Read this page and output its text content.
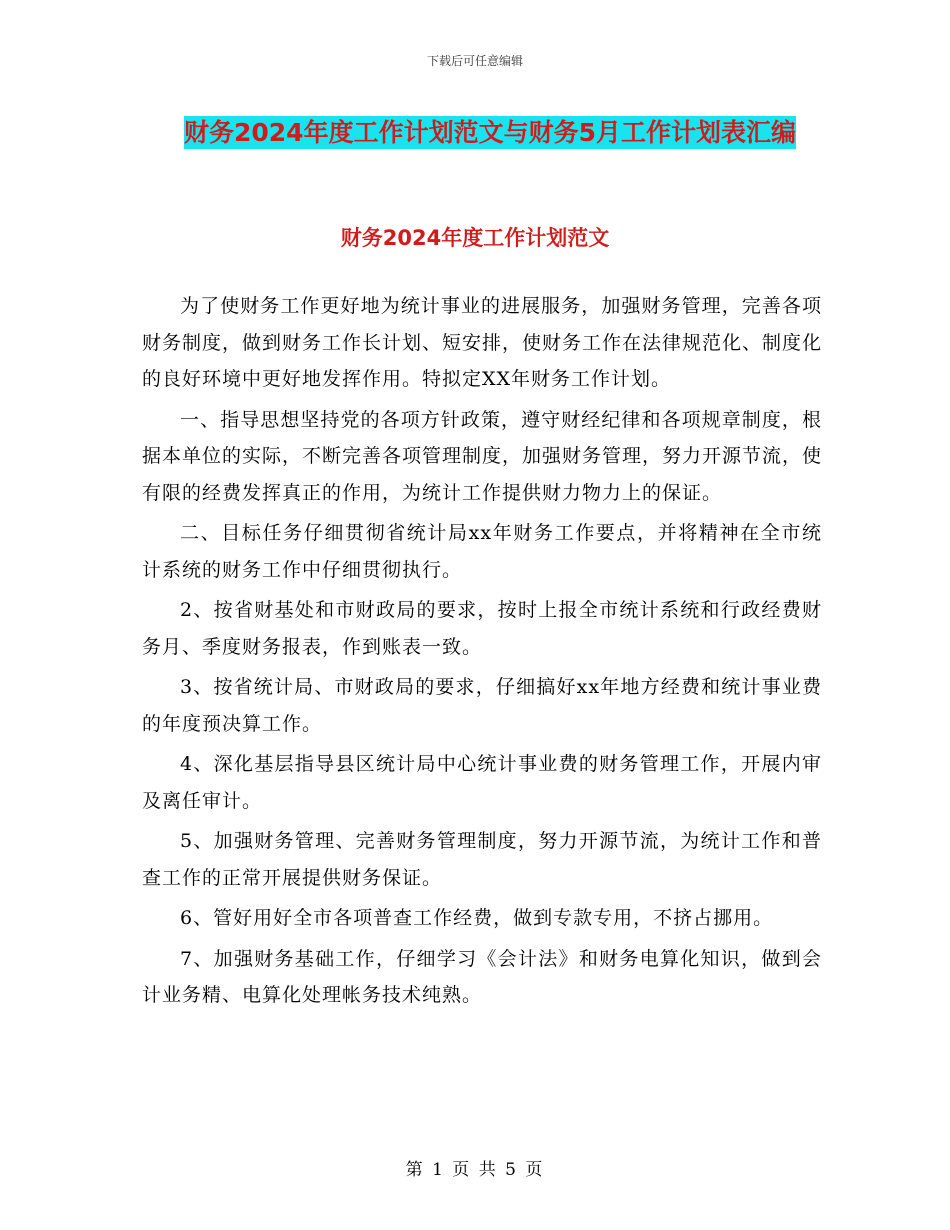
下载后可任意编辑
财务2024年度工作计划范文与财务5月工作计划表汇编
财务2024年度工作计划范文

为了使财务工作更好地为统计事业的进展服务，加强财务管理，完善各项财务制度，做到财务工作长计划、短安排，使财务工作在法律规范化、制度化的良好环境中更好地发挥作用。特拟定XX年财务工作计划。

一、指导思想坚持党的各项方针政策，遵守财经纪律和各项规章制度，根据本单位的实际，不断完善各项管理制度，加强财务管理，努力开源节流，使有限的经费发挥真正的作用，为统计工作提供财力物力上的保证。

二、目标任务仔细贯彻省统计局xx年财务工作要点，并将精神在全市统计系统的财务工作中仔细贯彻执行。

2、按省财基处和市财政局的要求，按时上报全市统计系统和行政经费财务月、季度财务报表，作到账表一致。

3、按省统计局、市财政局的要求，仔细搞好xx年地方经费和统计事业费的年度预决算工作。

4、深化基层指导县区统计局中心统计事业费的财务管理工作，开展内审及离任审计。

5、加强财务管理、完善财务管理制度，努力开源节流，为统计工作和普查工作的正常开展提供财务保证。

6、管好用好全市各项普查工作经费，做到专款专用，不挤占挪用。

7、加强财务基础工作，仔细学习《会计法》和财务电算化知识，做到会计业务精、电算化处理帐务技术纯熟。

第 1 页 共 5 页
